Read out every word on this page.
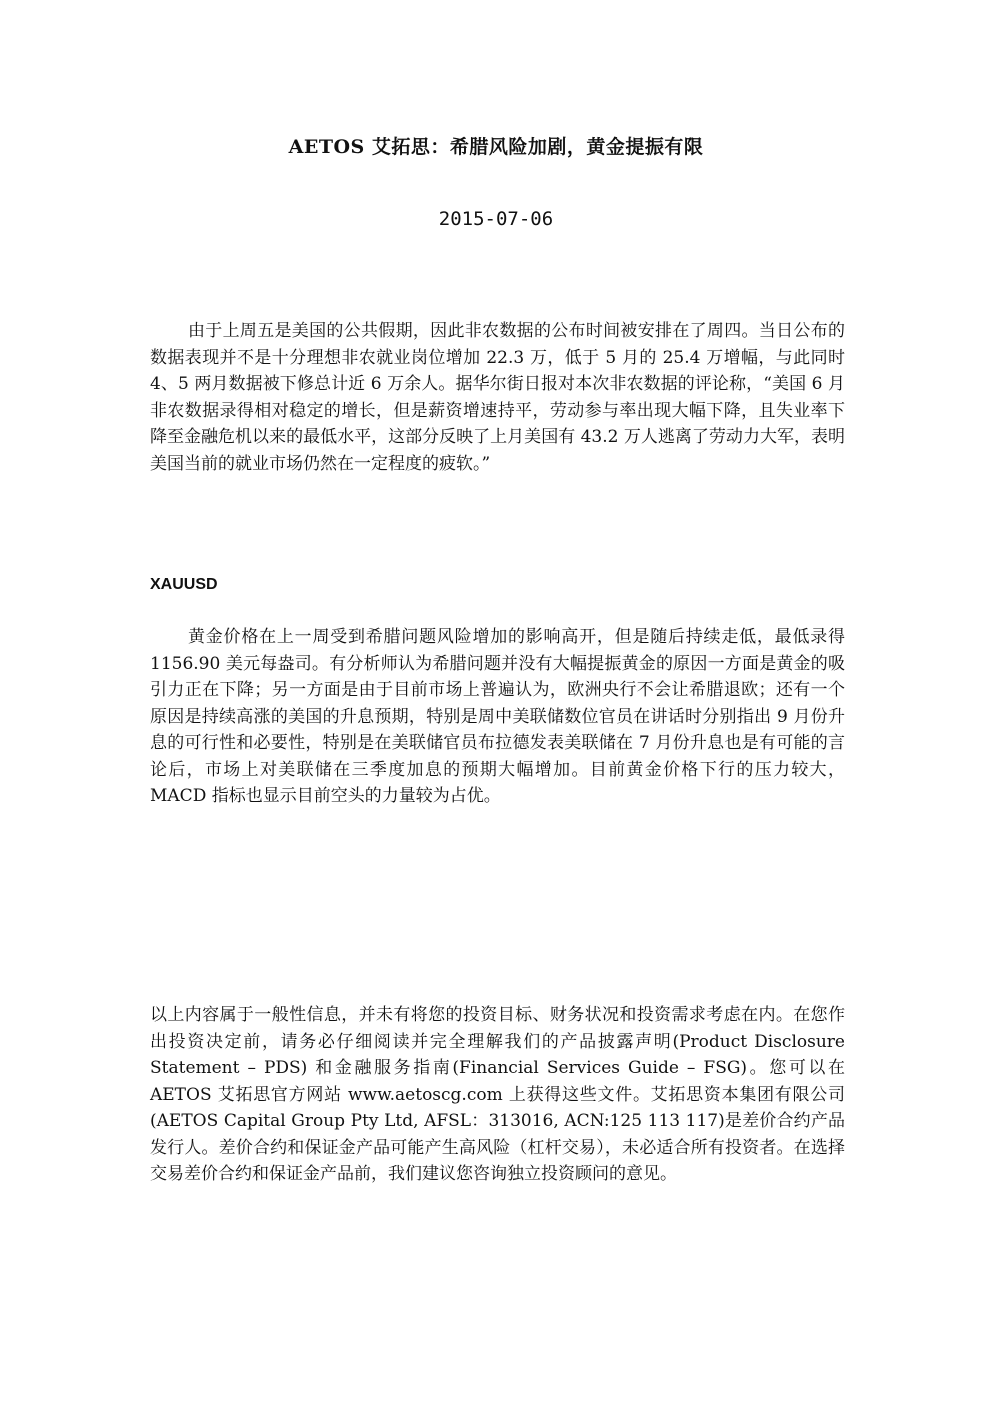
AETOS 艾拓思：希腊风险加剧，黄金提振有限
2015-07-06

由于上周五是美国的公共假期，因此非农数据的公布时间被安排在了周四。当日公布的数据表现并不是十分理想非农就业岗位增加 22.3 万，低于 5 月的 25.4 万增幅，与此同时 4、5 两月数据被下修总计近 6 万余人。据华尔街日报对本次非农数据的评论称，“美国 6 月非农数据录得相对稳定的增长，但是薪资增速持平，劳动参与率出现大幅下降，且失业率下降至金融危机以来的最低水平，这部分反映了上月美国有 43.2 万人逃离了劳动力大军，表明美国当前的就业市场仍然在一定程度的疲软。”

XAUUSD

黄金价格在上一周受到希腊问题风险增加的影响高开，但是随后持续走低，最低录得 1156.90 美元每盎司。有分析师认为希腊问题并没有大幅提振黄金的原因一方面是黄金的吸引力正在下降；另一方面是由于目前市场上普遍认为，欧洲央行不会让希腊退欧；还有一个原因是持续高涨的美国的升息预期，特别是周中美联储数位官员在讲话时分别指出 9 月份升息的可行性和必要性，特别是在美联储官员布拉德发表美联储在 7 月份升息也是有可能的言论后，市场上对美联储在三季度加息的预期大幅增加。目前黄金价格下行的压力较大，MACD 指标也显示目前空头的力量较为占优。

以上内容属于一般性信息，并未有将您的投资目标、财务状况和投资需求考虑在内。在您作出投资决定前，请务必仔细阅读并完全理解我们的产品披露声明(Product Disclosure Statement – PDS) 和金融服务指南(Financial Services Guide – FSG)。您可以在 AETOS 艾拓思官方网站 www.aetoscg.com 上获得这些文件。艾拓思资本集团有限公司(AETOS Capital Group Pty Ltd, AFSL：313016, ACN:125 113 117)是差价合约产品发行人。差价合约和保证金产品可能产生高风险（杠杆交易），未必适合所有投资者。在选择交易差价合约和保证金产品前，我们建议您咨询独立投资顾问的意见。
